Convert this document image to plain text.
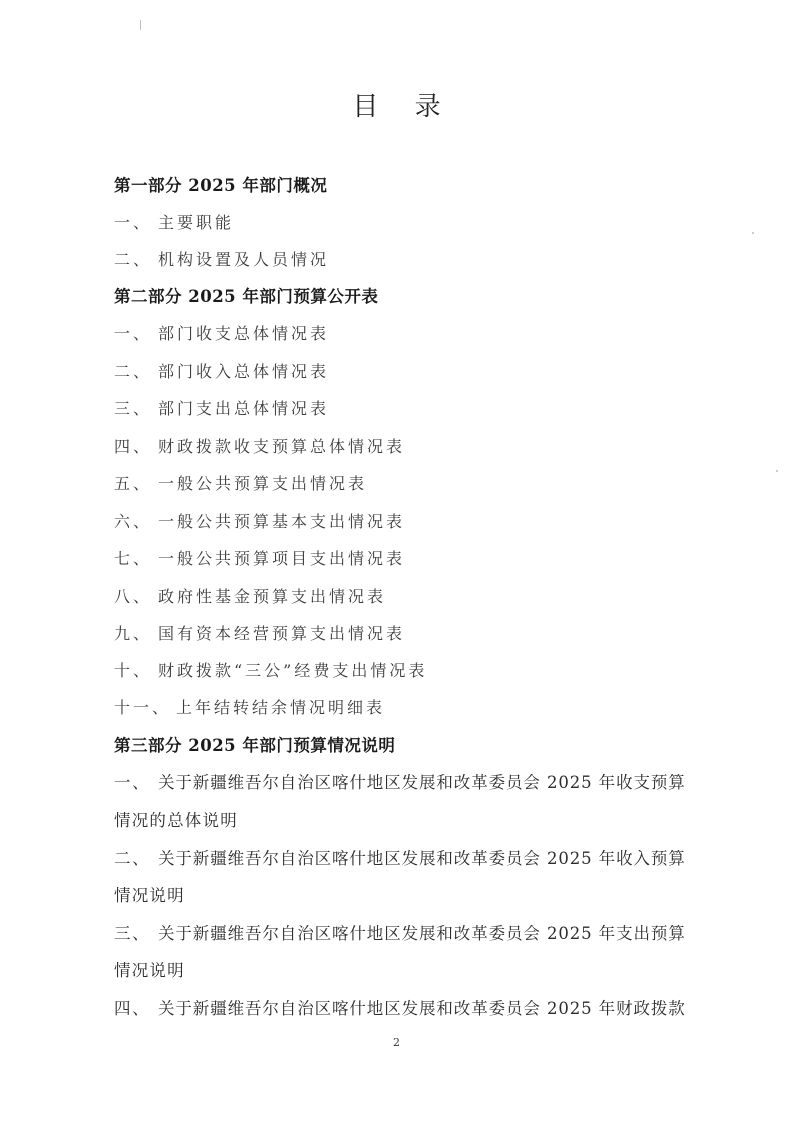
目 录
第一部分 2025 年部门概况
一、 主要职能
二、 机构设置及人员情况
第二部分 2025 年部门预算公开表
一、 部门收支总体情况表
二、 部门收入总体情况表
三、 部门支出总体情况表
四、 财政拨款收支预算总体情况表
五、 一般公共预算支出情况表
六、 一般公共预算基本支出情况表
七、 一般公共预算项目支出情况表
八、 政府性基金预算支出情况表
九、 国有资本经营预算支出情况表
十、 财政拨款“三公”经费支出情况表
十一、 上年结转结余情况明细表
第三部分 2025 年部门预算情况说明
一、 关于新疆维吾尔自治区喀什地区发展和改革委员会 2025 年收支预算
情况的总体说明
二、 关于新疆维吾尔自治区喀什地区发展和改革委员会 2025 年收入预算
情况说明
三、 关于新疆维吾尔自治区喀什地区发展和改革委员会 2025 年支出预算
情况说明
四、 关于新疆维吾尔自治区喀什地区发展和改革委员会 2025 年财政拨款
2
